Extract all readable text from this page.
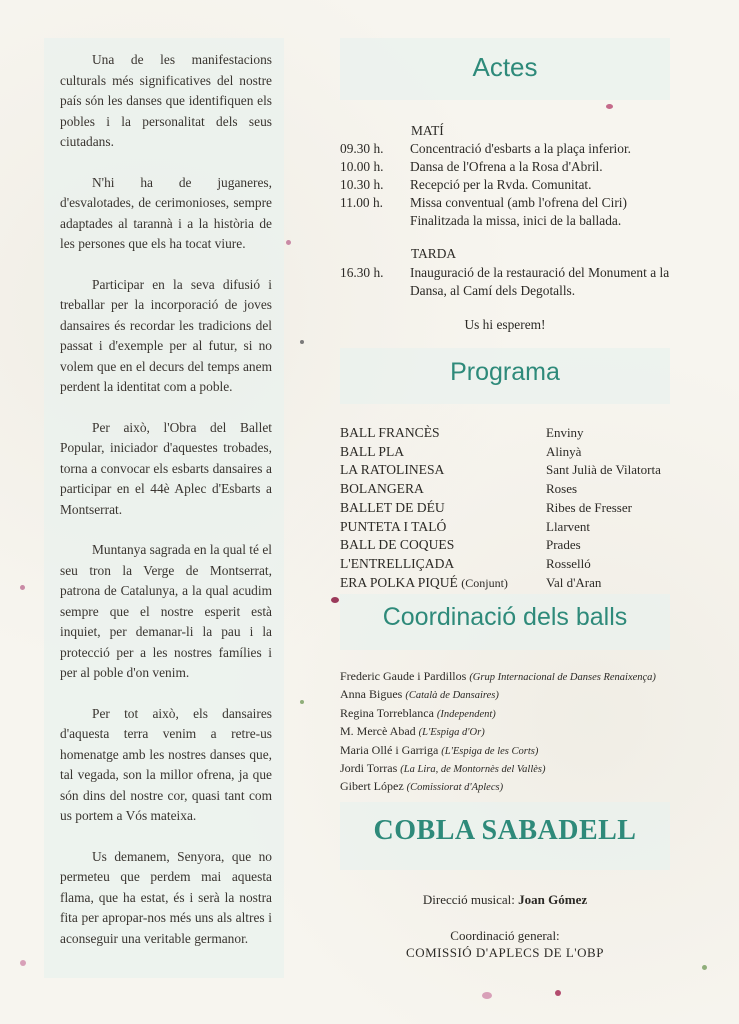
Una de les manifestacions culturals més significatives del nostre país són les danses que identifiquen els pobles i la personalitat dels seus ciutadans.

N'hi ha de juganeres, d'esvalotades, de cerimonioses, sempre adaptades al tarannà i a la història de les persones que els ha tocat viure.

Participar en la seva difusió i treballar per la incorporació de joves dansaires és recordar les tradicions del passat i d'exemple per al futur, si no volem que en el decurs del temps anem perdent la identitat com a poble.

Per això, l'Obra del Ballet Popular, iniciador d'aquestes trobades, torna a convocar els esbarts dansaires a participar en el 44è Aplec d'Esbarts a Montserrat.

Muntanya sagrada en la qual té el seu tron la Verge de Montserrat, patrona de Catalunya, a la qual acudim sempre que el nostre esperit està inquiet, per demanar-li la pau i la protecció per a les nostres famílies i per al poble d'on venim.

Per tot això, els dansaires d'aquesta terra venim a retre-us homenatge amb les nostres danses que, tal vegada, son la millor ofrena, ja que són dins del nostre cor, quasi tant com us portem a Vós mateixa.

Us demanem, Senyora, que no permeteu que perdem mai aquesta flama, que ha estat, és i serà la nostra fita per apropar-nos més uns als altres i aconseguir una veritable germanor.

Actes
MATÍ
09.30 h.	Concentració d'esbarts a la plaça inferior.
10.00 h.	Dansa de l'Ofrena a la Rosa d'Abril.
10.30 h.	Recepció per la Rvda. Comunitat.
11.00 h.	Missa conventual (amb l'ofrena del Ciri) Finalitzada la missa, inici de la ballada.
TARDA
16.30 h.	Inauguració de la restauració del Monument a la Dansa, al Camí dels Degotalls.
Us hi esperem!
Programa
BALL FRANCÈS	Enviny
BALL PLA	Alinyà
LA RATOLINESA	Sant Julià de Vilatorta
BOLANGERA	Roses
BALLET DE DÉU	Ribes de Fresser
PUNTETA I TALÓ	Llarvent
BALL DE COQUES	Prades
L'ENTRELLIÇADA	Rosselló
ERA POLKA PIQUÉ (Conjunt)	Val d'Aran
Coordinació dels balls
Frederic Gaude i Pardillos (Grup Internacional de Danses Renaixença)
Anna Bigues (Català de Dansaires)
Regina Torreblanca (Independent)
M. Mercè Abad (L'Espiga d'Or)
Maria Ollé i Garriga (L'Espiga de les Corts)
Jordi Torras (La Lira, de Montornès del Vallès)
Gibert López (Comissiorat d'Aplecs)
COBLA SABADELL
Direcció musical: Joan Gómez
Coordinació general:
COMISSIÓ D'APLECS DE L'OBP
